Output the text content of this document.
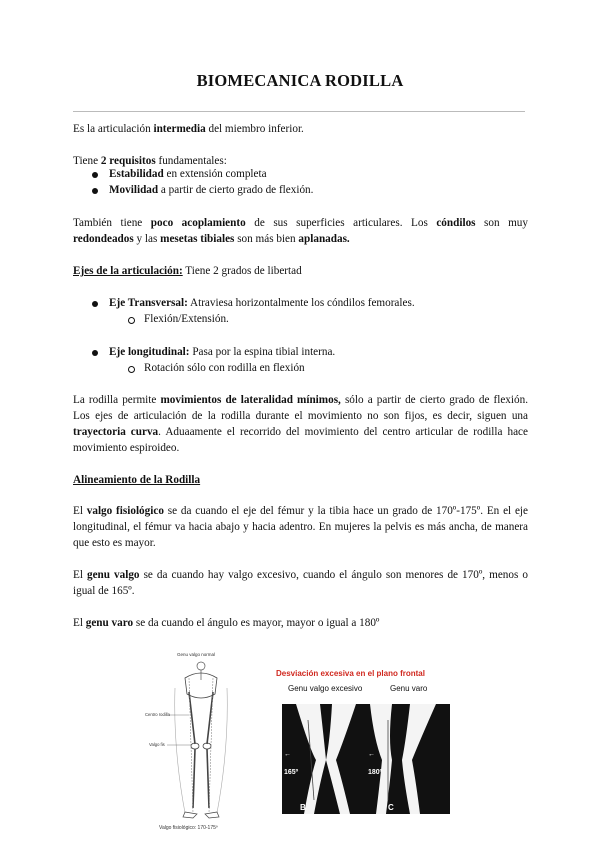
BIOMECANICA RODILLA

Es la articulación intermedia del miembro inferior.

Tiene 2 requisitos fundamentales:

Estabilidad en extensión completa

Movilidad a partir de cierto grado de flexión.

También tiene poco acoplamiento de sus superficies articulares. Los cóndilos son muy redondeados y las mesetas tibiales son más bien aplanadas.

Ejes de la articulación: Tiene 2 grados de libertad

Eje Transversal: Atraviesa horizontalmente los cóndilos femorales.

Flexión/Extensión.

Eje longitudinal: Pasa por la espina tibial interna.

Rotación sólo con rodilla en flexión

La rodilla permite movimientos de lateralidad mínimos, sólo a partir de cierto grado de flexión. Los ejes de articulación de la rodilla durante el movimiento no son fijos, es decir, siguen una trayectoria curva. Aduaamente el recorrido del movimiento del centro articular de rodilla hace movimiento espiroideo.

Alineamiento de la Rodilla

El valgo fisiológico se da cuando el eje del fémur y la tibia hace un grado de 170º-175º. En el eje longitudinal, el fémur va hacia abajo y hacia adentro. En mujeres la pelvis es más ancha, de manera que esto es mayor.

El genu valgo se da cuando hay valgo excesivo, cuando el ángulo son menores de 170º, menos o igual de 165º.

El genu varo se da cuando el ángulo es mayor, mayor o igual a 180º

Genu valgo normal
Centro rodilla
Valgo fis
Valgo fisiológico: 170-175º
Desviación excesiva en el plano frontal
Genu valgo excesivo	Genu varo
←
165º
←
180º
B	C
